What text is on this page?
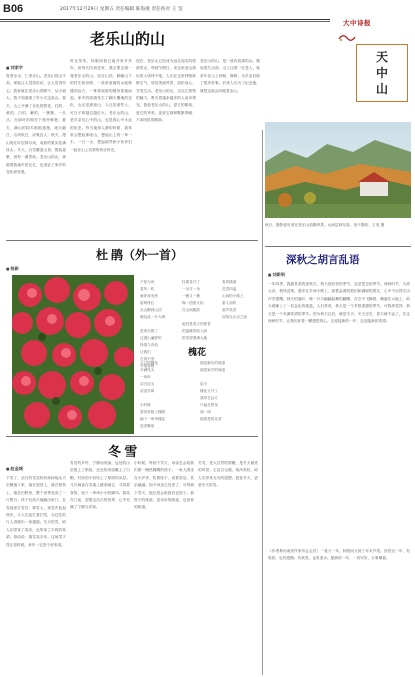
B06	2017年12月29日 星期五 责任编辑 陈海燕 责任校对 王 莹
大中诗报
天
中
山
老乐山的山
■ 刘家宇
智者乐水，仁者乐山。老乐山的山不高，却能让人觉得亲切，让人觉得安心。我家就在老乐山的脚下，从小到大，我不知道爬了多少次这座山。春天，山上开满了各色的野花，红的、黄的、白的、紫的，一簇簇、一丛丛，在绿叶的映衬下格外鲜艳；夏天，满山的树木郁郁葱葱，遮天蔽日，山风吹过，凉爽宜人；秋天，漫山的红叶层林尽染，成熟的果实挂满枝头；冬天，白雪覆盖山顶，银装素裹，别有一番景致。老乐山的山，承载着我童年的记忆，也见证了家乡的变化和发展。
时光匆匆，转眼间我已离开家乡多年，但每次回到老家，我总要去爬一爬老乐山的山。站在山顶，俯瞰山下的村庄和田野，一条条宽阔的水泥路通向远方，一栋栋崭新的楼房拔地而起，家乡的面貌发生了翻天覆地的变化。山还是那座山，人还是那些人，可日子却越过越红火。老乐山的山，是乡亲们心中的山，也是我心中永远的依恋。每当夜深人静的时候，我常常会想起那座山，想起山上的一草一木、一石一水，想起那些和小伙伴们一起在山上玩耍的快乐时光。
现在，老乐山已经成为远近闻名的旅游景点，每到节假日，来这里登山游玩的人络绎不绝。人们在这里呼吸新鲜空气，欣赏美丽风景，放松身心，享受生活。老乐山的山，正以它独特的魅力，吸引着越来越多的人前来观光。我爱老乐山的山，爱它的雄伟，爱它的秀美，更爱它那种默默奉献、不求回报的精神。
老乐山的山，是一座有故事的山。据说很久以前，山上住着一位老人，他常年在山上种树、修路，为乡亲们做了很多好事。后来人们为了纪念他，就把这座山叫做老乐山。
秋日，摄影爱好者在老乐山拍摄风景。山间层林尽染，美不胜收。王莹 摄
深秋之胡言乱语
■ 刘新明
一年四季，我最喜欢的是秋天。秋天是收获的季节，也是思念的季节。深秋时节，天高云淡，秋风送爽，漫步在乡间小路上，看着金黄的稻田和满树的果实，心中不由得生出许多感慨。秋天的落叶，像一只只翩翩起舞的蝴蝶，在空中飞舞着，飘落在大地上，给大地铺上了一层金色的地毯。人们常说，秋天是一个多愁善感的季节，可我却觉得，秋天是一个充满希望的季节。因为秋天过后，就是冬天；冬天过后，春天就不远了。在这深秋时节，让我们怀着一颗感恩的心，去迎接新的一年，去迎接新的希望。
杜 鹃（外一首）
■ 杨新
不知为何
春风一吹
就浑身发热
脸颊绯红
从山脚到山顶
燃烧成一片火海

是谁点燃了
这漫山遍野的
热情与奔放
让我们
在春天里
尽情欢唱
杜鹃花开了
一朵又一朵
一簇又一簇
像一团团火焰
在山间跳跃

她们是春天的使者
把温暖带给人间
把希望洒满大地
春风拂面
花香四溢
山间的小路上
游人如织
欢声笑语
回荡在山谷之间
槐花
五月的槐花
开满枝头
一串串
洁白如玉
清香扑鼻

小时候
我常常爬上槐树
摘下一串串槐花
放进嘴里
那是童年的味道
那是家乡的味道

如今
槐花又开了
我却在远方
只能在梦里
闻一闻
那熟悉的花香
冬 雪
■ 赵金城
下雪了，洁白的雪花纷纷扬扬地从天空飘落下来，落在屋顶上，落在树枝上，落在田野里，整个世界变成了一片银白。孩子们高兴地跑出家门，在雪地里打雪仗、堆雪人，欢笑声此起彼伏。大人们也忙着扫雪，为过往的行人清理出一条通道。冬天的雪，给人们带来了欢乐，也带来了丰收的希望。俗话说：瑞雪兆丰年。这场雪下得正是时候，来年一定是个好收成。
雪后的乡村，宁静而美丽。远处的山峦披上了银装，近处的房屋戴上了白帽，村前的小河结上了厚厚的冰层。几只麻雀在雪地上跳来跳去，寻找着食物，留下一串串小小的脚印。我站在门前，望着这洁白的世界，心中充满了宁静与祥和。
小时候，每到下雪天，母亲总会给我们做一锅热腾腾的饺子。一家人围坐在火炉旁，吃着饺子，说着笑话，其乐融融。如今母亲已经老了，可每到下雪天，她还是会给我们包饺子。那饺子的味道，是母亲的味道，也是家的味道。
冬雪，是大自然的馈赠，是冬天最美的风景。它洁白无瑕，纯净美好，给人们带来无尽的遐想。我爱冬天，更爱冬天的雪。
（作者系河南省作家协会会员）一晃又一年，转眼间又到了年末岁尾。回首这一年，有收获，也有遗憾；有欢笑，也有泪水。愿新的一年，一切安好，万事顺意。
